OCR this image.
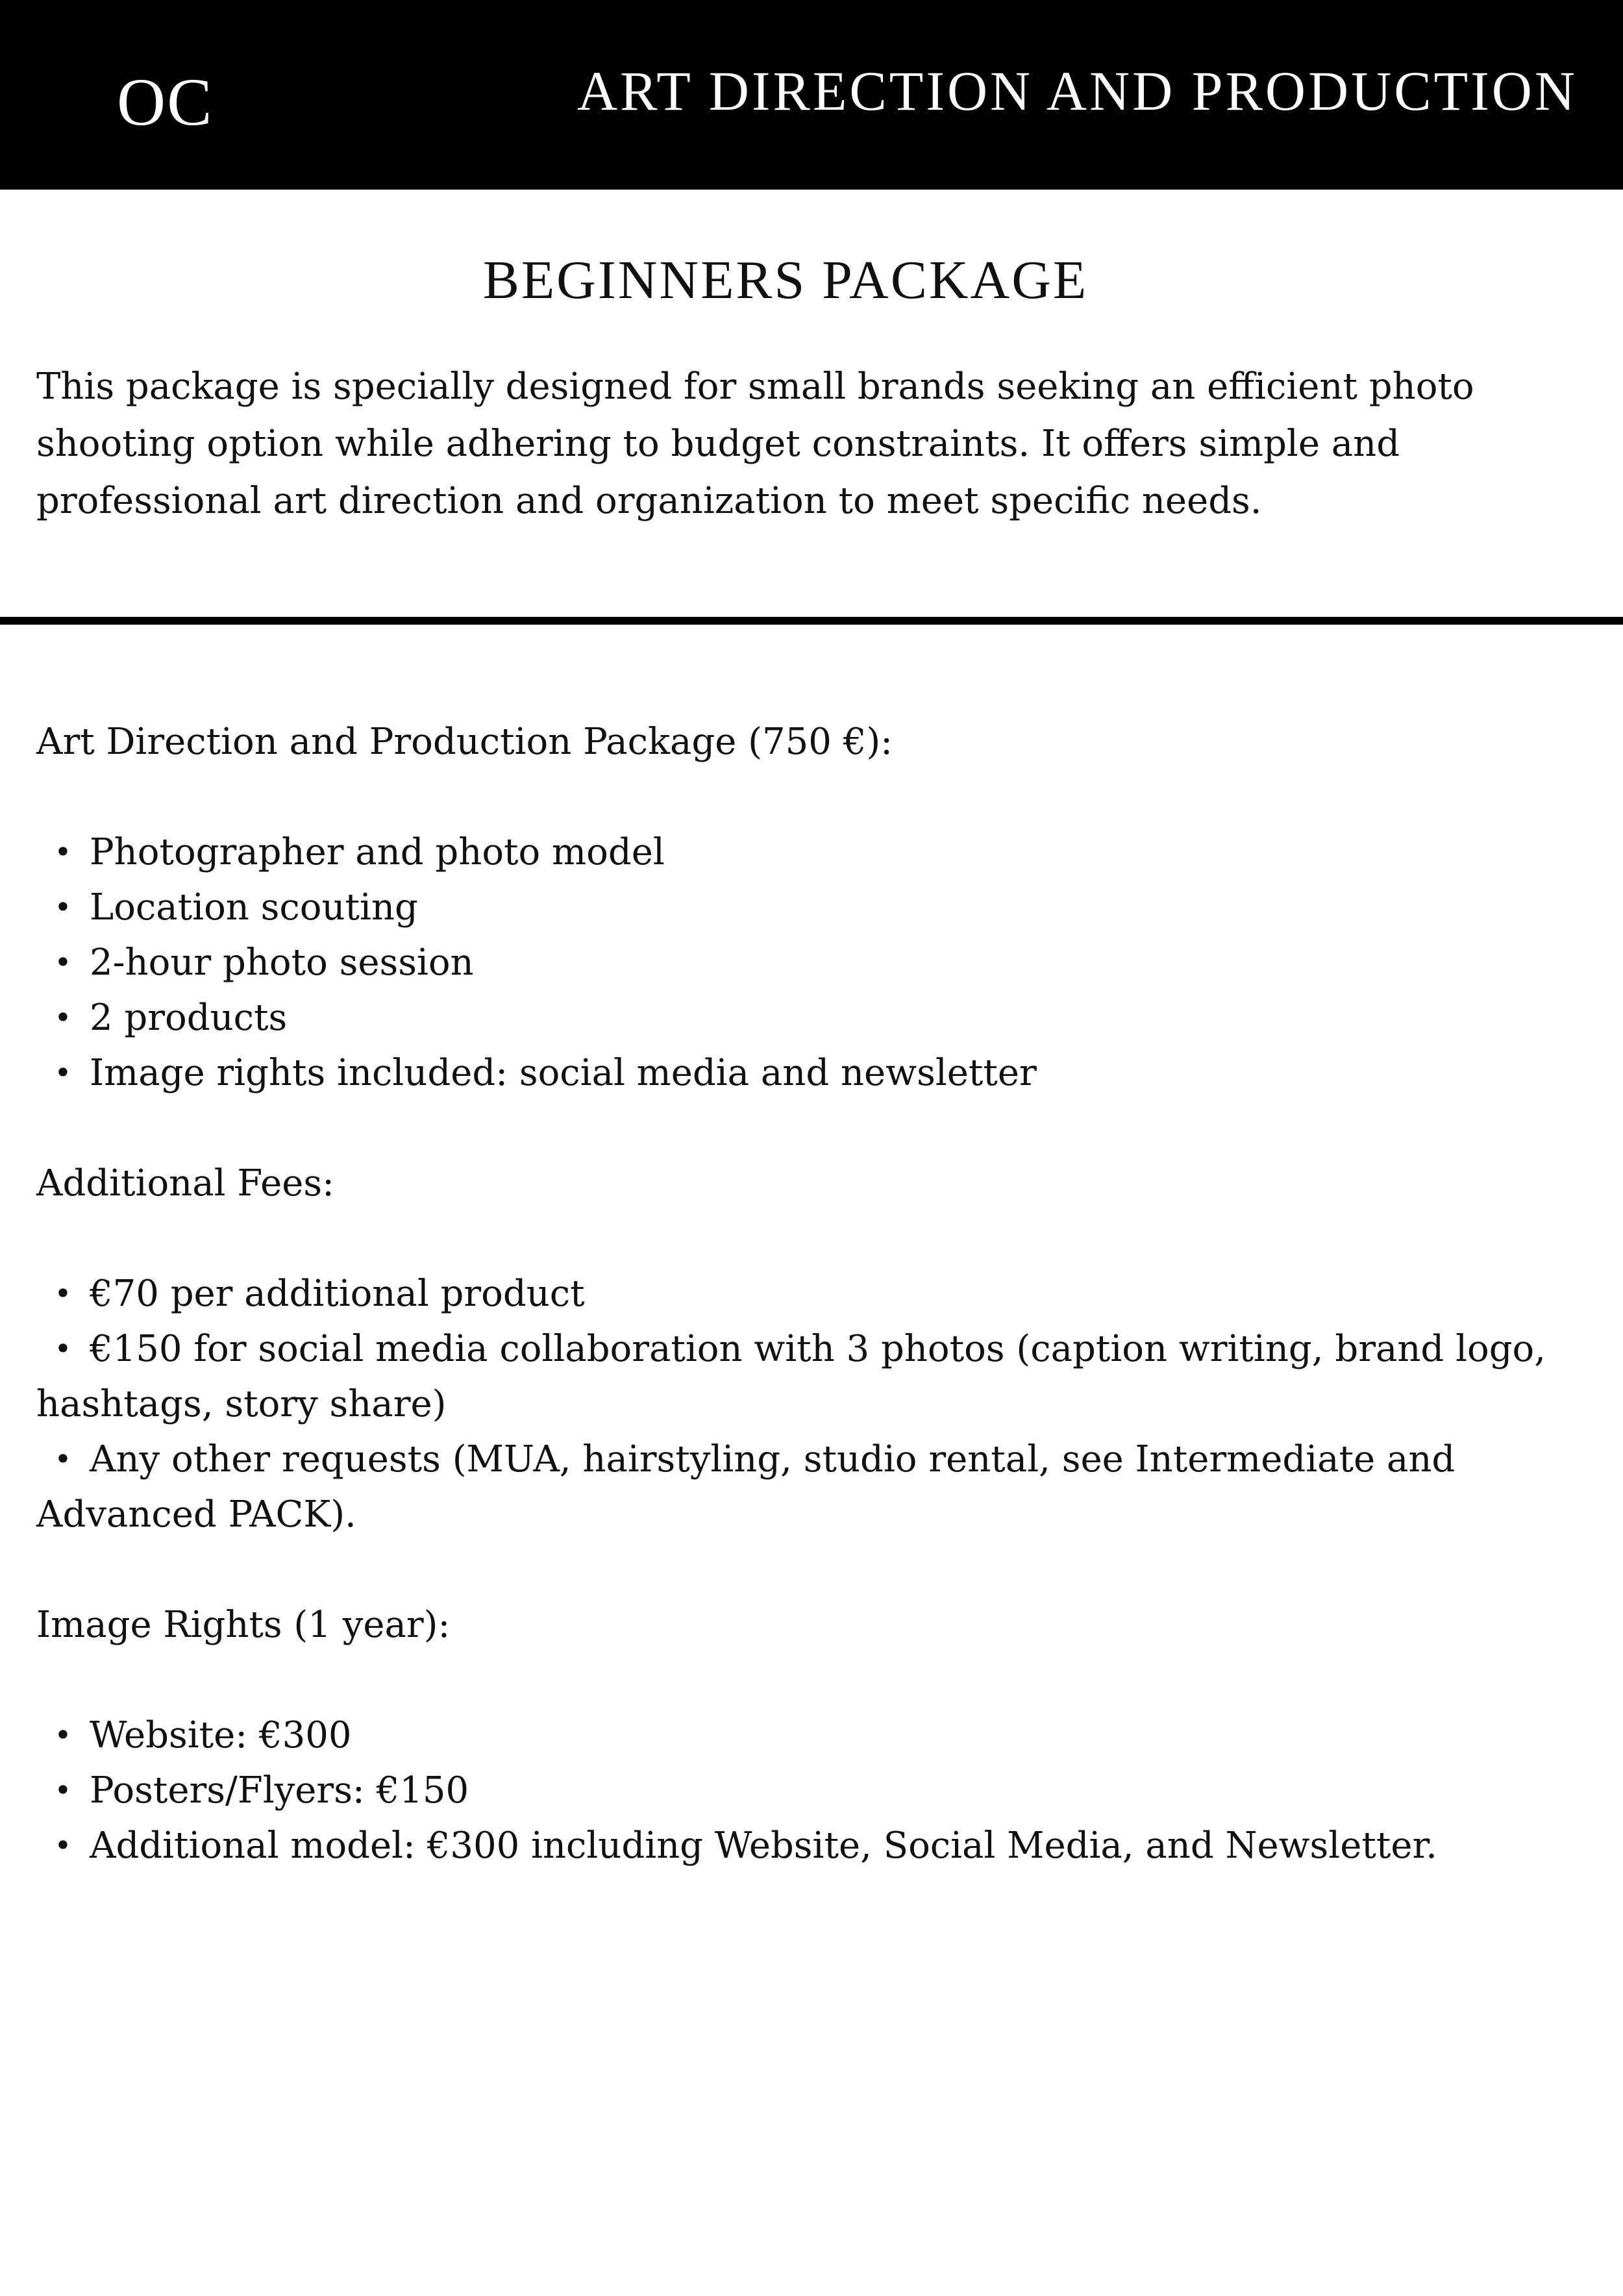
OC	ART DIRECTION AND PRODUCTION
BEGINNERS PACKAGE
This package is specially designed for small brands seeking an efficient photo shooting option while adhering to budget constraints. It offers simple and professional art direction and organization to meet specific needs.
Art Direction and Production Package (750 €):
• Photographer and photo model
• Location scouting
• 2-hour photo session
• 2 products
• Image rights included: social media and newsletter
Additional Fees:
• €70 per additional product
• €150 for social media collaboration with 3 photos (caption writing, brand logo, hashtags, story share)
• Any other requests (MUA, hairstyling, studio rental, see Intermediate and Advanced PACK).
Image Rights (1 year):
• Website: €300
• Posters/Flyers: €150
• Additional model: €300 including Website, Social Media, and Newsletter.
